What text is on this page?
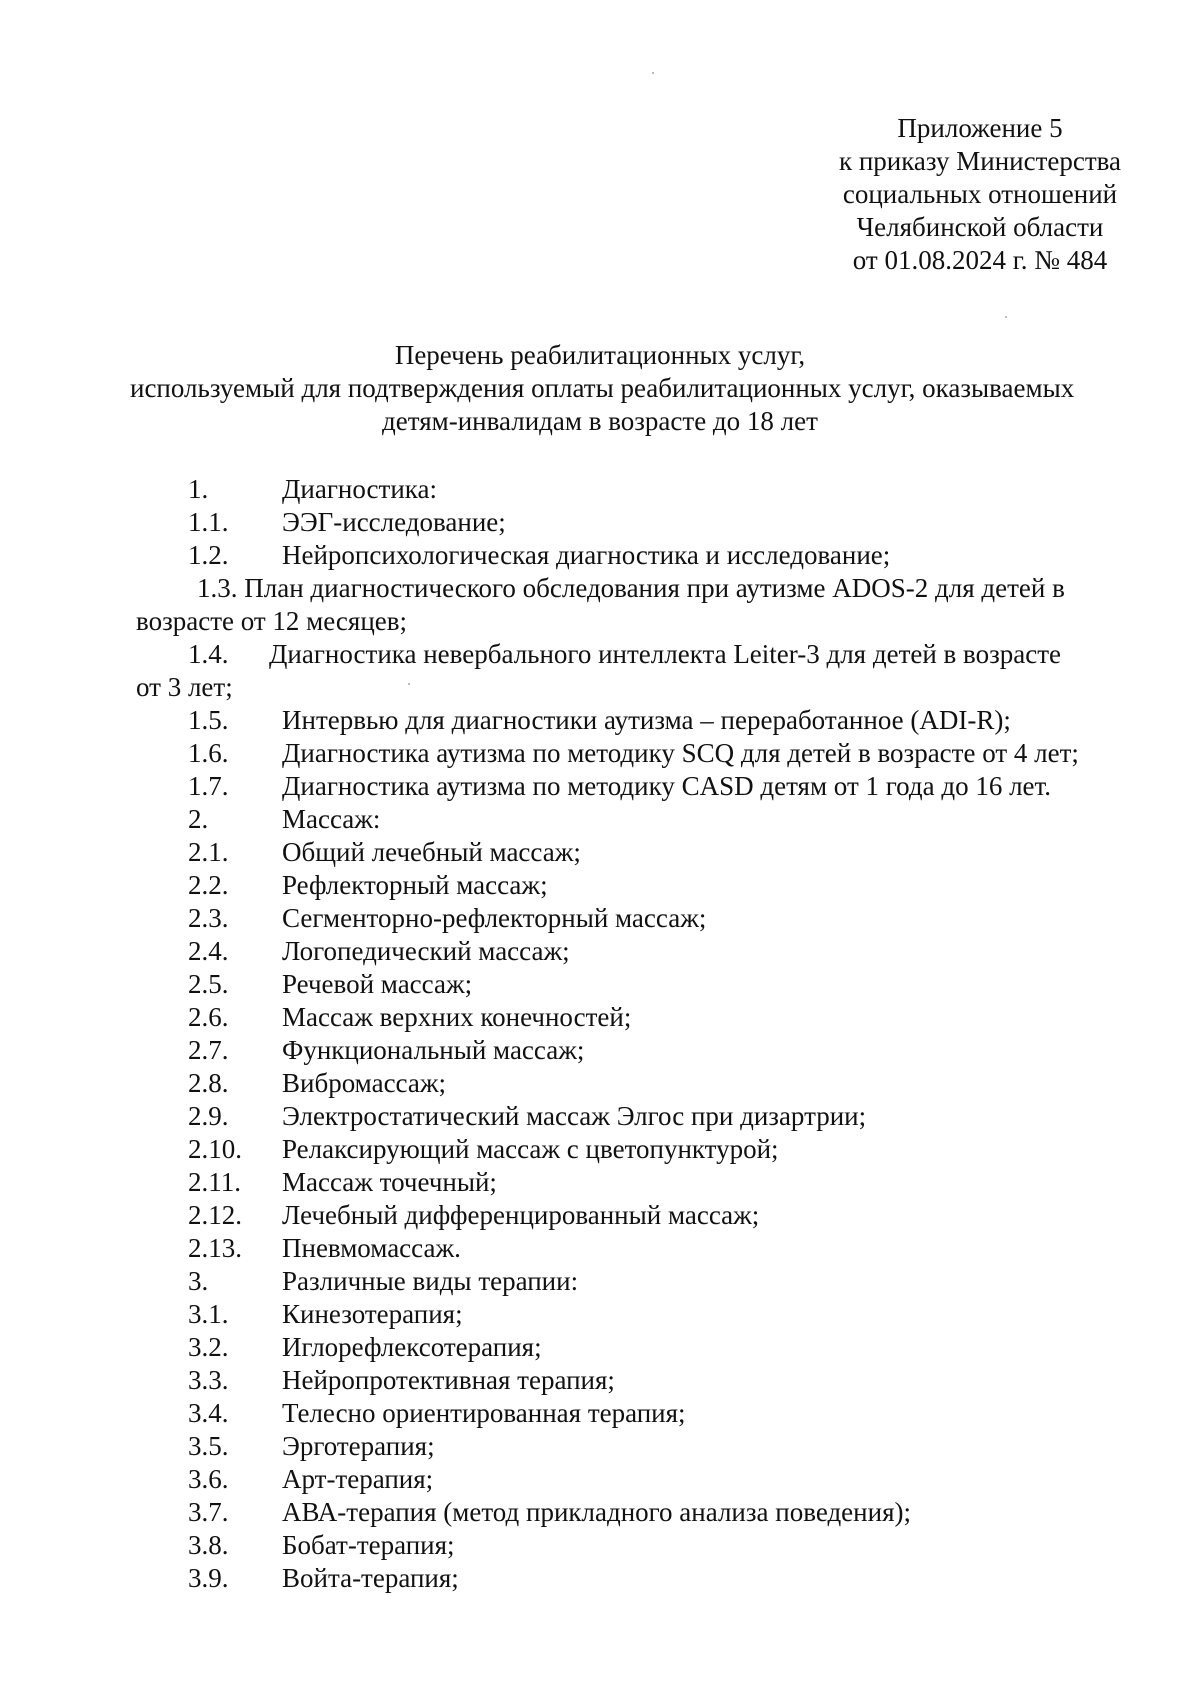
Приложение 5
к приказу Министерства
социальных отношений
Челябинской области
от 01.08.2024 г. № 484
Перечень реабилитационных услуг,
используемый для подтверждения оплаты реабилитационных услуг, оказываемых
детям-инвалидам в возрасте до 18 лет
1.	Диагностика:
1.1. ЭЭГ-исследование;
1.2. Нейропсихологическая диагностика и исследование;
1.3. План диагностического обследования при аутизме ADOS-2 для детей в
возрасте от 12 месяцев;
1.4.      Диагностика невербального интеллекта Leiter-3 для детей в возрасте
от 3 лет;
1.5. Интервью для диагностики аутизма – переработанное (ADI-R);
1.6. Диагностика аутизма по методику SCQ для детей в возрасте от 4 лет;
1.7. Диагностика аутизма по методику CASD детям от 1 года до 16 лет.
2.	Массаж:
2.1. Общий лечебный массаж;
2.2. Рефлекторный массаж;
2.3. Сегменторно-рефлекторный массаж;
2.4. Логопедический массаж;
2.5. Речевой массаж;
2.6. Массаж верхних конечностей;
2.7. Функциональный массаж;
2.8. Вибромассаж;
2.9. Электростатический массаж Элгос при дизартрии;
2.10. Релаксирующий массаж с цветопунктурой;
2.11. Массаж точечный;
2.12. Лечебный дифференцированный массаж;
2.13. Пневмомассаж.
3.	Различные виды терапии:
3.1. Кинезотерапия;
3.2. Иглорефлексотерапия;
3.3. Нейропротективная терапия;
3.4. Телесно ориентированная терапия;
3.5. Эрготерапия;
3.6. Арт-терапия;
3.7. АВА-терапия (метод прикладного анализа поведения);
3.8. Бобат-терапия;
3.9. Войта-терапия;
